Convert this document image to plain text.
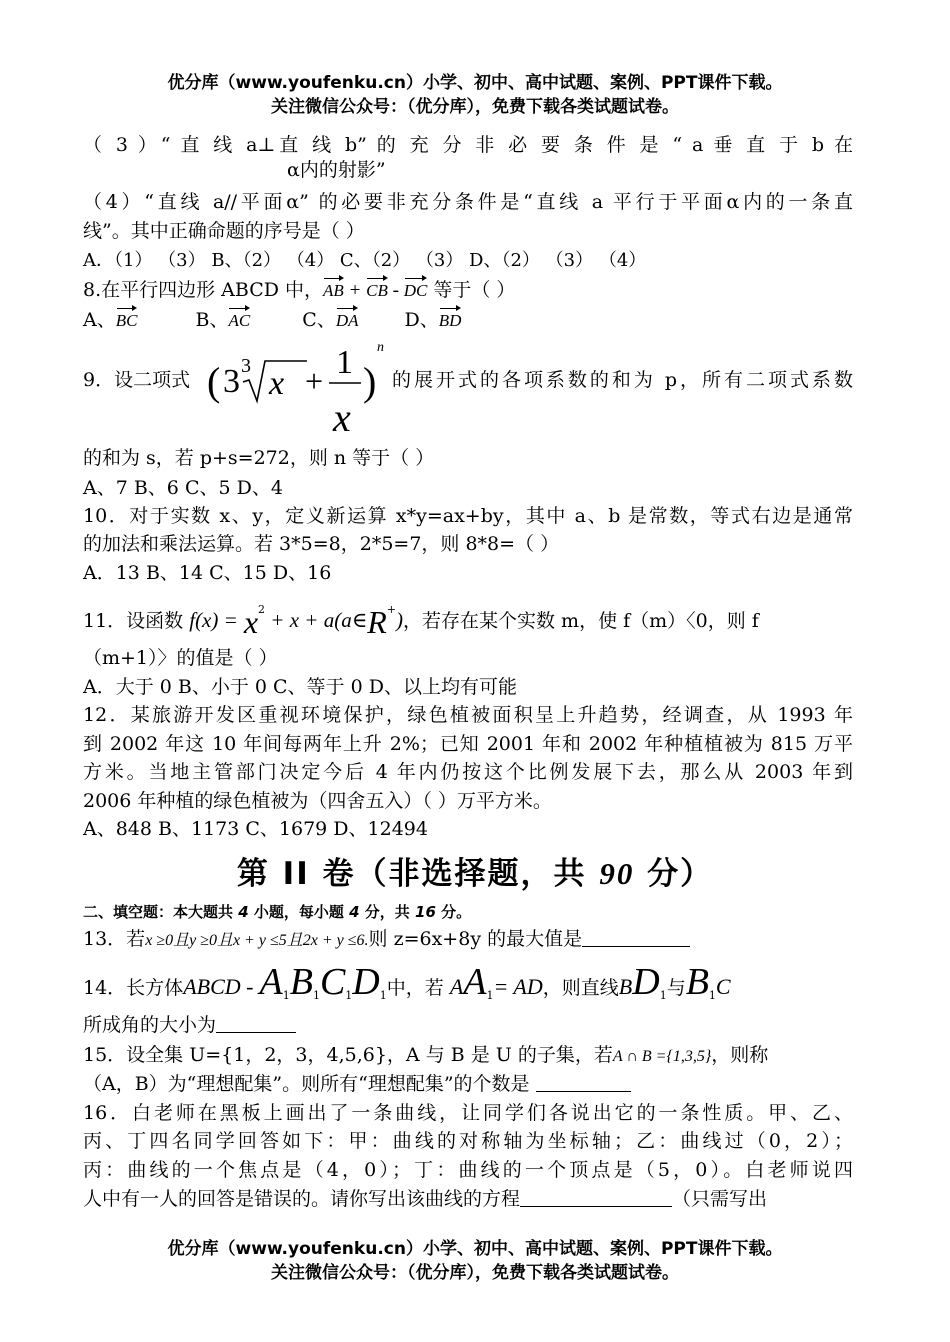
优分库（www.youfenku.cn）小学、初中、高中试题、案例、PPT课件下载。
关注微信公众号：（优分库），免费下载各类试题试卷。
（ 3 ）“ 直 线 a⊥直 线 b” 的 充 分 非 必 要 条 件 是 “ a 垂 直 于 b 在
α内的射影”
（4）“直线 a//平面α” 的必要非充分条件是“直线 a 平行于平面α内的一条直
线”。其中正确命题的序号是（ ）
A．（1） （3） B、（2） （4） C、（2） （3） D、（2） （3） （4）
8.在平行四边形 ABCD 中，AB + CB - DC 等于（ ）
A、BC	B、AC	C、DA D、BD
9．设二项式 ( 3 3 x + 1
x
)
n
的展开式的各项系数的和为 p，所有二项式系数
的和为 s，若 p+s=272，则 n 等于（ ）
A、7 B、6 C、5 D、4
10．对于实数 x、y，定义新运算 x*y=ax+by，其中 a、b 是常数，等式右边是通常
的加法和乘法运算。若 3*5=8，2*5=7，则 8*8=（ ）
A．13 B、14 C、15 D、16
11．设函数 $f(x) = x^2 + x$ + a(a∈R+)，若存在某个实数 m，使 f（m）〈0，则 f
（m+1）〉的值是（ ）
A．大于 0 B、小于 0 C、等于 0 D、以上均有可能
12．某旅游开发区重视环境保护，绿色植被面积呈上升趋势，经调查，从 1993 年
到 2002 年这 10 年间每两年上升 2%；已知 2001 年和 2002 年种植植被为 815 万平
方米。当地主管部门决定今后 4 年内仍按这个比例发展下去，那么从 2003 年到
2006 年种植的绿色植被为（四舍五入）（ ）万平方米。
A、848 B、1173 C、1679 D、12494
第 II 卷（非选择题，共 90 分）
二、填空题：本大题共 4 小题，每小题 4 分，共 16 分。
13．若x ≥0且y ≥0且x + y ≤5且2x + y ≤6.则 z=6x+8y 的最大值是
14．长方体ABCD - $A_1B_1C_1D_1$中，若 $AA_1=$ AD，则直线$BD_1$与$B_1C$
所成角的大小为
15．设全集 U={1，2，3，4,5,6}，A 与 B 是 U 的子集，若A ∩ B ={1,3,5}，则称
（A，B）为“理想配集”。则所有“理想配集”的个数是
16．白老师在黑板上画出了一条曲线，让同学们各说出它的一条性质。甲、乙、
丙、丁四名同学回答如下：甲：曲线的对称轴为坐标轴；乙：曲线过（0，2）；
丙：曲线的一个焦点是（4，0）；丁：曲线的一个顶点是（5，0）。白老师说四
人中有一人的回答是错误的。请你写出该曲线的方程	（只需写出
优分库（www.youfenku.cn）小学、初中、高中试题、案例、PPT课件下载。
关注微信公众号：（优分库），免费下载各类试题试卷。
